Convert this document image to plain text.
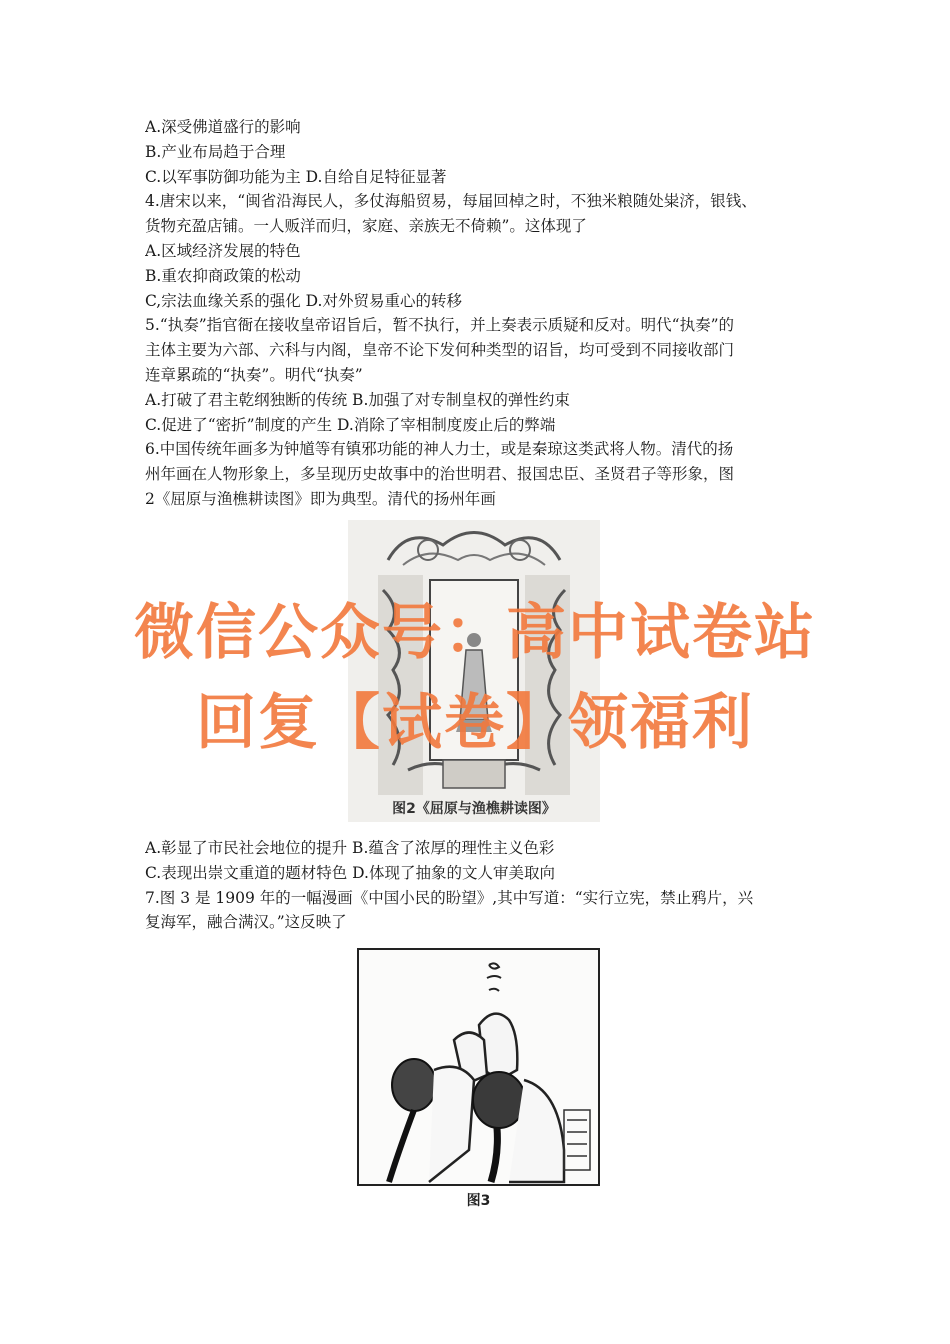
A.深受佛道盛行的影响
B.产业布局趋于合理
C.以军事防御功能为主 D.自给自足特征显著
4.唐宋以来，“闽省沿海民人，多仗海船贸易，每届回棹之时，不独米粮随处粜济，银钱、
货物充盈店铺。一人贩洋而归，家庭、亲族无不倚赖”。这体现了
A.区域经济发展的特色
B.重农抑商政策的松动
C,宗法血缘关系的强化 D.对外贸易重心的转移
5.“执奏”指官衙在接收皇帝诏旨后，暂不执行，并上奏表示质疑和反对。明代“执奏”的
主体主要为六部、六科与内阁，皇帝不论下发何种类型的诏旨，均可受到不同接收部门
连章累疏的“执奏”。明代“执奏”
A.打破了君主乾纲独断的传统 B.加强了对专制皇权的弹性约束
C.促进了“密折”制度的产生 D.消除了宰相制度废止后的弊端
6.中国传统年画多为钟馗等有镇邪功能的神人力士，或是秦琼这类武将人物。清代的扬
州年画在人物形象上，多呈现历史故事中的治世明君、报国忠臣、圣贤君子等形象，图
2《屈原与渔樵耕读图》即为典型。清代的扬州年画
图2《屈原与渔樵耕读图》
A.彰显了市民社会地位的提升 B.蕴含了浓厚的理性主义色彩
C.表现出崇文重道的题材特色 D.体现了抽象的文人审美取向
7.图 3 是 1909 年的一幅漫画《中国小民的盼望》,其中写道：“实行立宪，禁止鸦片，兴
复海军，融合满汉。”这反映了
图3
微信公众号：高中试卷站
回复【试卷】领福利
